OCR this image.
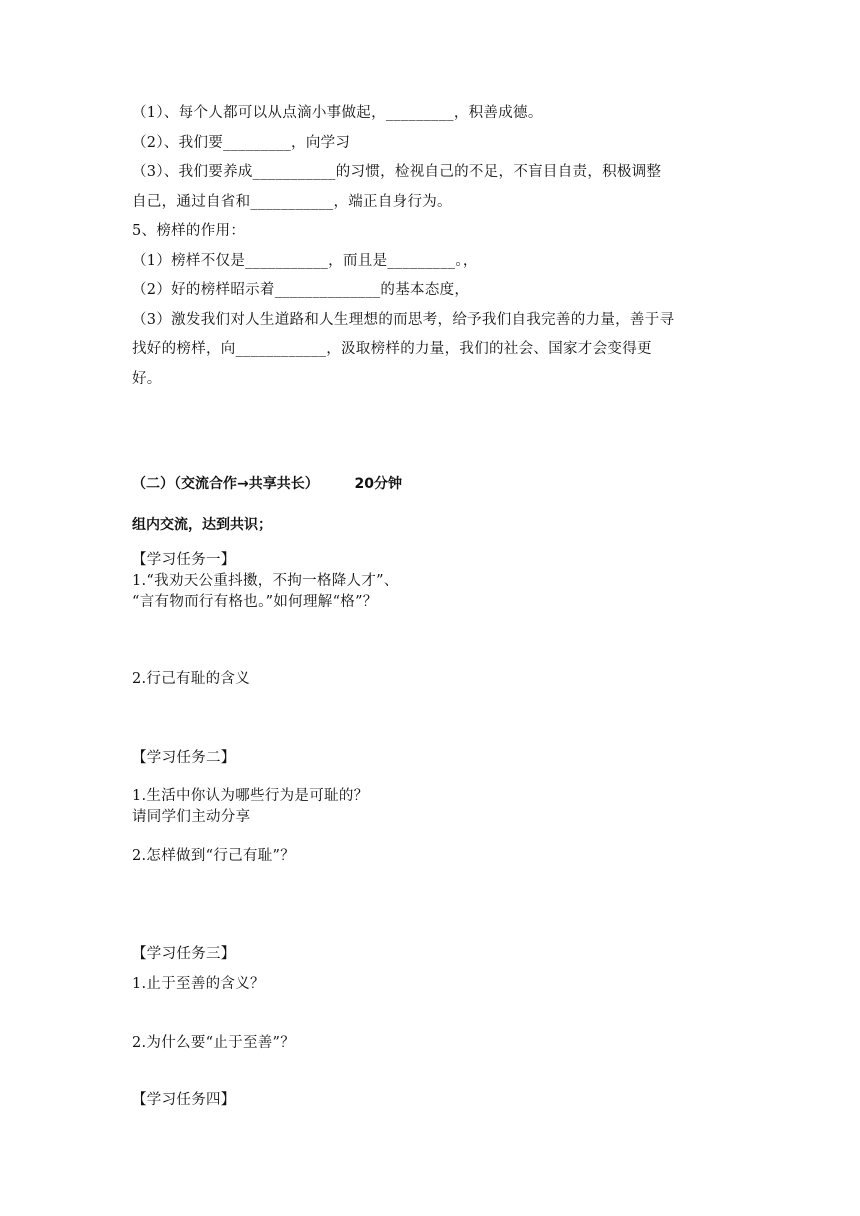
（1）、每个人都可以从点滴小事做起，_________，积善成德。

（2）、我们要_________，向学习

（3）、我们要养成___________的习惯，检视自己的不足，不盲目自责，积极调整

自己，通过自省和___________，端正自身行为。

5、榜样的作用：

（1）榜样不仅是___________，而且是_________。，

（2）好的榜样昭示着______________的基本态度，

（3）激发我们对人生道路和人生理想的而思考，给予我们自我完善的力量，善于寻

找好的榜样，向____________，汲取榜样的力量，我们的社会、国家才会变得更

好。

（二）（交流合作→共享共长）	20分钟
组内交流，达到共识；
【学习任务一】
1.“我劝天公重抖擞，不拘一格降人才”、
“言有物而行有格也。”如何理解“格”？
2.行己有耻的含义
【学习任务二】
1.生活中你认为哪些行为是可耻的？
请同学们主动分享
2.怎样做到“行己有耻”？
【学习任务三】
1.止于至善的含义？
2.为什么要“止于至善”？
【学习任务四】
